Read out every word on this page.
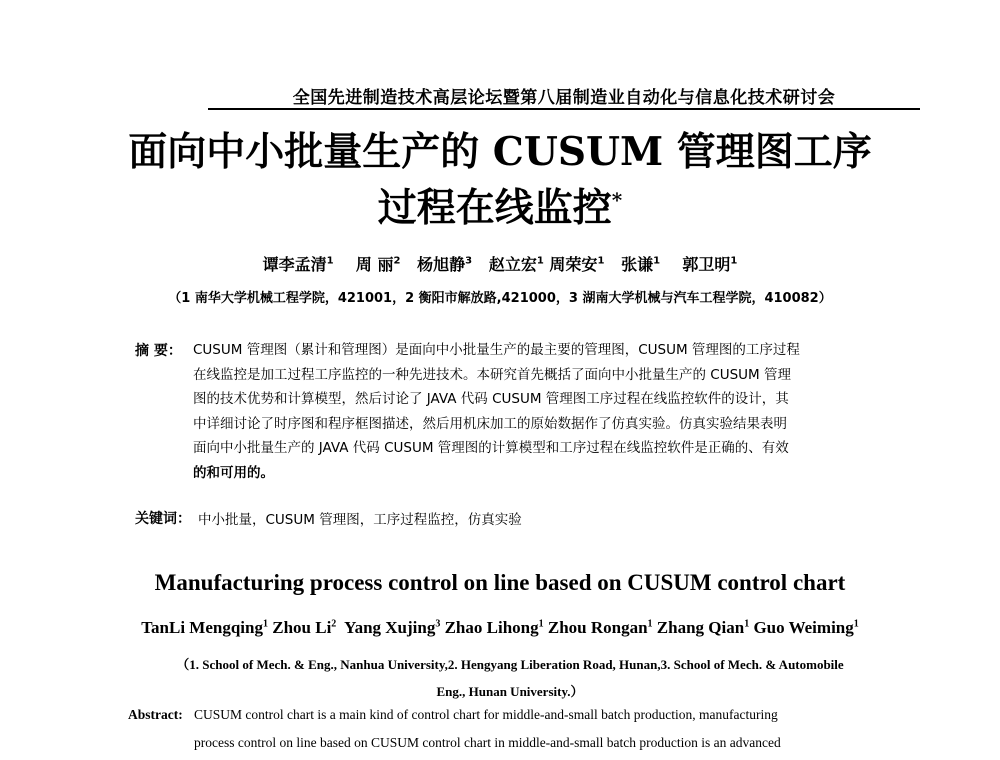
全国先进制造技术高层论坛暨第八届制造业自动化与信息化技术研讨会
面向中小批量生产的 CUSUM 管理图工序
过程在线监控*
谭李孟清$^1$ 周 丽$^2$ 杨旭静$^3$ 赵立宏$^1$ 周荣安$^1$ 张谦$^1$ 郭卫明$^1$
（1 南华大学机械工程学院，421001，2 衡阳市解放路,421000，3 湖南大学机械与汽车工程学院，410082）
摘 要： CUSUM 管理图（累计和管理图）是面向中小批量生产的最主要的管理图，CUSUM 管理图的工序过程
在线监控是加工过程工序监控的一种先进技术。本研究首先概括了面向中小批量生产的 CUSUM 管理
图的技术优势和计算模型，然后讨论了 JAVA 代码 CUSUM 管理图工序过程在线监控软件的设计，其
中详细讨论了时序图和程序框图描述，然后用机床加工的原始数据作了仿真实验。仿真实验结果表明
面向中小批量生产的 JAVA 代码 CUSUM 管理图的计算模型和工序过程在线监控软件是正确的、有效
的和可用的。
关键词： 中小批量，CUSUM 管理图，工序过程监控，仿真实验
Manufacturing process control on line based on CUSUM control chart
TanLi Mengqing$^1$ Zhou Li$^2$ Yang Xujing$^3$ Zhao Lihong$^1$ Zhou Rongan$^1$ Zhang Qian$^1$ Guo Weiming$^1$
（1. School of Mech. & Eng., Nanhua University,2. Hengyang Liberation Road, Hunan,3. School of Mech. & Automobile
Eng., Hunan University.）
Abstract: CUSUM control chart is a main kind of control chart for middle-and-small batch production, manufacturing
process control on line based on CUSUM control chart in middle-and-small batch production is an advanced
